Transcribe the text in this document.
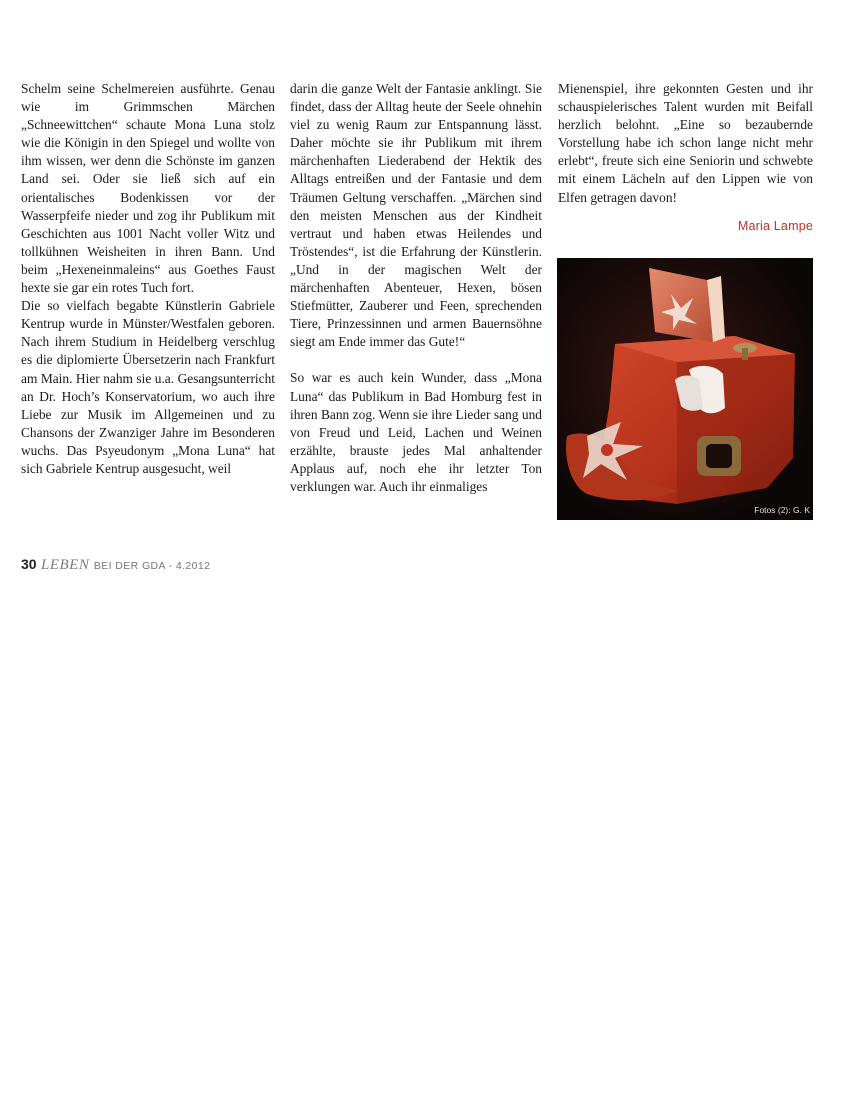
Schelm seine Schelmereien ausführte. Genau wie im Grimmschen Märchen „Schneewittchen“ schaute Mona Luna stolz wie die Königin in den Spiegel und wollte von ihm wissen, wer denn die Schönste im ganzen Land sei. Oder sie ließ sich auf ein orientalisches Bodenkissen vor der Wasserpfeife nieder und zog ihr Publikum mit Geschichten aus 1001 Nacht voller Witz und tollkühnen Weisheiten in ihren Bann. Und beim „Hexeneinmaleins“ aus Goethes Faust hexte sie gar ein rotes Tuch fort.

Die so vielfach begabte Künstlerin Gabriele Kentrup wurde in Münster/Westfalen geboren. Nach ihrem Studium in Heidelberg verschlug es die diplomierte Übersetzerin nach Frankfurt am Main. Hier nahm sie u.a. Gesangsunterricht an Dr. Hoch’s Konservatorium, wo auch ihre Liebe zur Musik im Allgemeinen und zu Chansons der Zwanziger Jahre im Besonderen wuchs. Das Psyeudonym „Mona Luna“ hat sich Gabriele Kentrup ausgesucht, weil

darin die ganze Welt der Fantasie anklingt. Sie findet, dass der Alltag heute der Seele ohnehin viel zu wenig Raum zur Entspannung lässt. Daher möchte sie ihr Publikum mit ihrem märchenhaften Liederabend der Hektik des Alltags entreißen und der Fantasie und dem Träumen Geltung verschaffen. „Märchen sind den meisten Menschen aus der Kindheit vertraut und haben etwas Heilendes und Tröstendes“, ist die Erfahrung der Künstlerin. „Und in der magischen Welt der märchenhaften Abenteuer, Hexen, bösen Stiefmütter, Zauberer und Feen, sprechenden Tiere, Prinzessinnen und armen Bauernsöhne siegt am Ende immer das Gute!“

So war es auch kein Wunder, dass „Mona Luna“ das Publikum in Bad Homburg fest in ihren Bann zog. Wenn sie ihre Lieder sang und von Freud und Leid, Lachen und Weinen erzählte, brauste jedes Mal anhaltender Applaus auf, noch ehe ihr letzter Ton verklungen war. Auch ihr einmaliges

Mienenspiel, ihre gekonnten Gesten und ihr schauspielerisches Talent wurden mit Beifall herzlich belohnt. „Eine so bezaubernde Vorstellung habe ich schon lange nicht mehr erlebt“, freute sich eine Seniorin und schwebte mit einem Lächeln auf den Lippen wie von Elfen getragen davon!

Maria Lampe
Fotos (2): G. K
30 LEBEN BEI DER GDA - 4.2012
